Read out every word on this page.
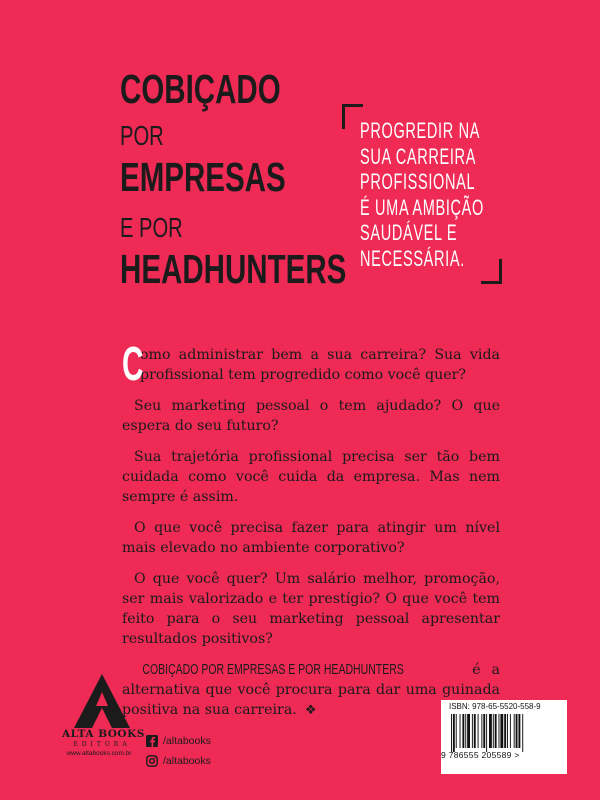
COBIÇADO
POR
EMPRESAS
E POR
HEADHUNTERS
PROGREDIR NA
SUA CARREIRA
PROFISSIONAL
É UMA AMBIÇÃO
SAUDÁVEL E
NECESSÁRIA.

C
omo administrar bem a sua carreira? Sua vida profissional tem progredido como você quer?

Seu marketing pessoal o tem ajudado? O que espera do seu futuro?

Sua trajetória profissional precisa ser tão bem cuidada como você cuida da empresa. Mas nem sempre é assim.

O que você precisa fazer para atingir um nível mais elevado no ambiente corporativo?

O que você quer? Um salário melhor, promoção, ser mais valorizado e ter prestígio? O que você tem feito para o seu marketing pessoal apresentar resultados positivos?

COBIÇADO POR EMPRESAS E POR HEADHUNTERS	é a alternativa que você procura para dar uma guinada positiva na sua carreira. ❖

ALTA BOOKS
EDITORA
www.altabooks.com.br
/altabooks
/altabooks
ISBN: 978-65-5520-558-9
9 786555 205589 >
